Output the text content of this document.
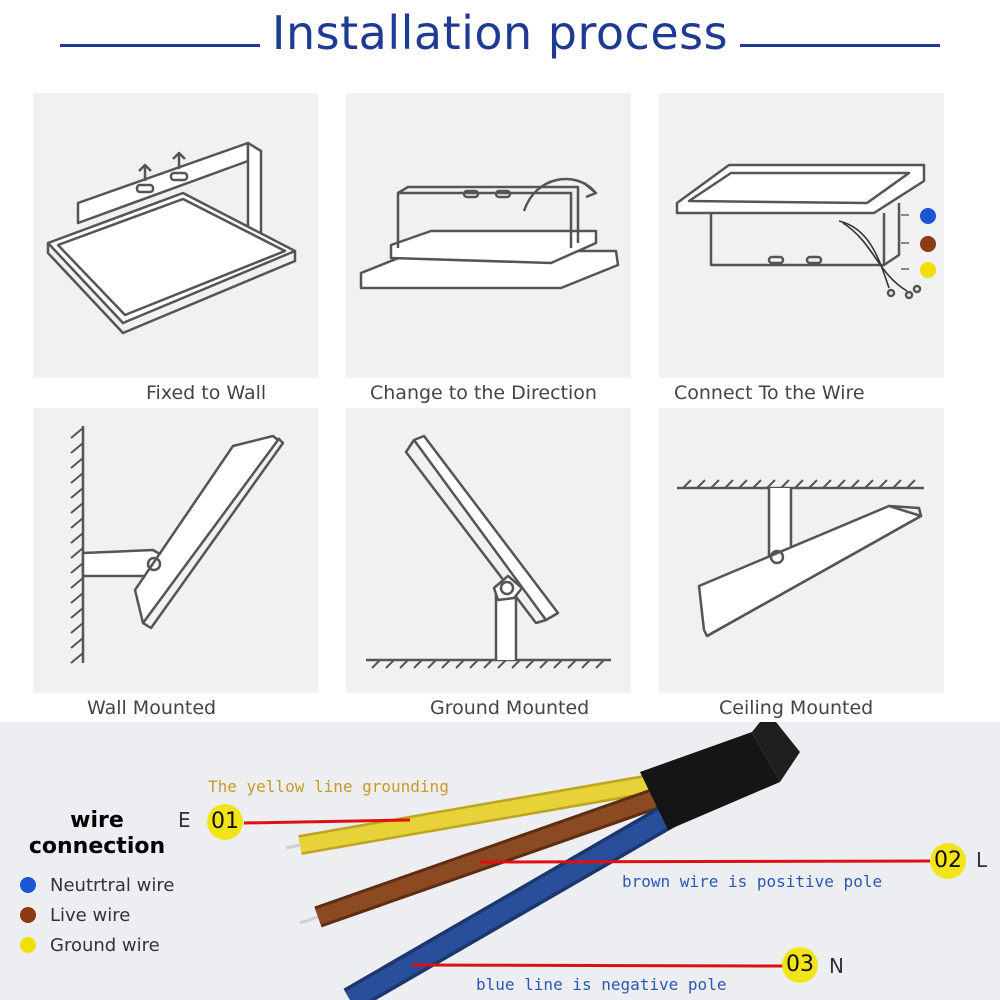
Installation process
Fixed to Wall	Change to the Direction	Connect To the Wire
Wall Mounted	Ground Mounted	Ceiling Mounted
wire
connection
Neutrtral wire
Live wire
Ground wire
The yellow line grounding
E 01
02 L
brown wire is positive pole
03 N
blue line is negative pole
